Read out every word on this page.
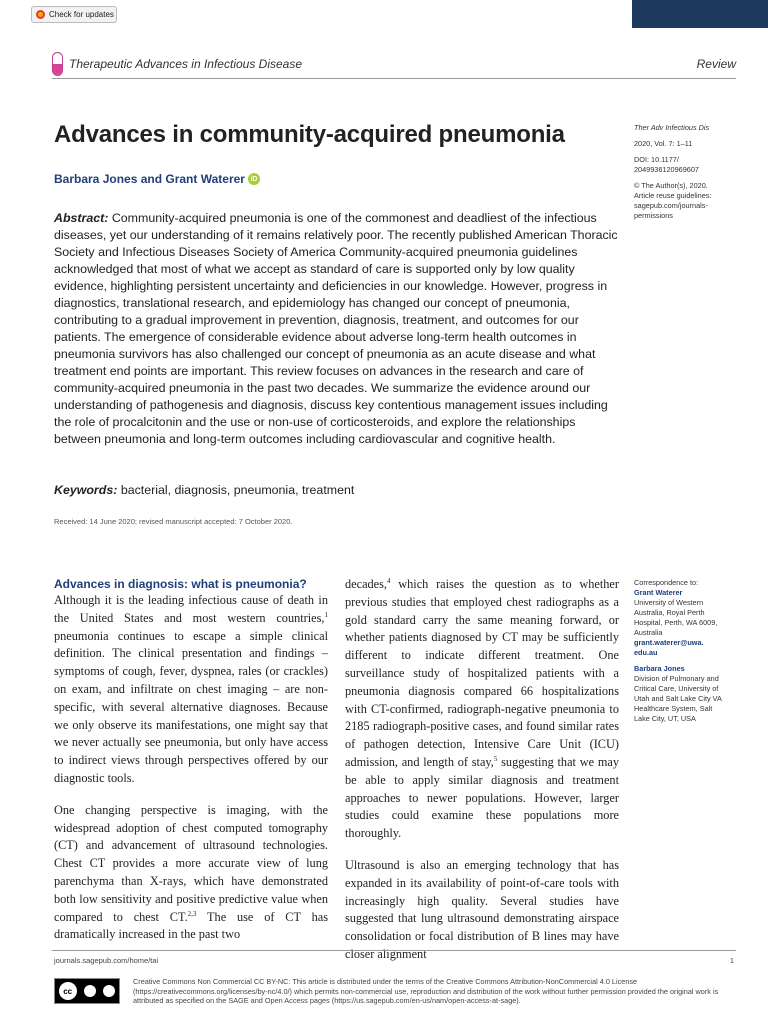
Check for updates
Therapeutic Advances in Infectious Disease	Review
Advances in community-acquired pneumonia
Barbara Jones and Grant Waterer iD

Ther Adv Infectious Dis

2020, Vol. 7: 1–11

DOI: 10.1177/
2049936120969607

© The Author(s), 2020.
Article reuse guidelines:
sagepub.com/journals-
permissions

Abstract: Community-acquired pneumonia is one of the commonest and deadliest of the infectious diseases, yet our understanding of it remains relatively poor. The recently published American Thoracic Society and Infectious Diseases Society of America Community-acquired pneumonia guidelines acknowledged that most of what we accept as standard of care is supported only by low quality evidence, highlighting persistent uncertainty and deficiencies in our knowledge. However, progress in diagnostics, translational research, and epidemiology has changed our concept of pneumonia, contributing to a gradual improvement in prevention, diagnosis, treatment, and outcomes for our patients. The emergence of considerable evidence about adverse long-term health outcomes in pneumonia survivors has also challenged our concept of pneumonia as an acute disease and what treatment end points are important. This review focuses on advances in the research and care of community-acquired pneumonia in the past two decades. We summarize the evidence around our understanding of pathogenesis and diagnosis, discuss key contentious management issues including the role of procalcitonin and the use or non-use of corticosteroids, and explore the relationships between pneumonia and long-term outcomes including cardiovascular and cognitive health.

Keywords: bacterial, diagnosis, pneumonia, treatment
Received: 14 June 2020; revised manuscript accepted: 7 October 2020.
Advances in diagnosis: what is pneumonia?

Although it is the leading infectious cause of death in the United States and most western countries,$^1$ pneumonia continues to escape a simple clinical definition. The clinical presentation and findings – symptoms of cough, fever, dyspnea, rales (or crackles) on exam, and infiltrate on chest imaging – are non-specific, with several alternative diagnoses. Because we only observe its manifestations, one might say that we never actually see pneumonia, but only have access to indirect views through perspectives offered by our diagnostic tools.

One changing perspective is imaging, with the widespread adoption of chest computed tomography (CT) and advancement of ultrasound technologies. Chest CT provides a more accurate view of lung parenchyma than X-rays, which have demonstrated both low sensitivity and positive predictive value when compared to chest CT.$^{2,3}$ The use of CT has dramatically increased in the past two

decades,$^4$ which raises the question as to whether previous studies that employed chest radiographs as a gold standard carry the same meaning forward, or whether patients diagnosed by CT may be sufficiently different to indicate different treatment. One surveillance study of hospitalized patients with a pneumonia diagnosis compared 66 hospitalizations with CT-confirmed, radiograph-negative pneumonia to 2185 radiograph-positive cases, and found similar rates of pathogen detection, Intensive Care Unit (ICU) admission, and length of stay,$^5$ suggesting that we may be able to apply similar diagnosis and treatment approaches to newer populations. However, larger studies could examine these populations more thoroughly.

Ultrasound is also an emerging technology that has expanded in its availability of point-of-care tools with increasingly high quality. Several studies have suggested that lung ultrasound demonstrating airspace consolidation or focal distribution of B lines may have closer alignment

Correspondence to:

Grant Waterer

University of Western

Australia, Royal Perth

Hospital, Perth, WA 6009,

Australia

grant.waterer@uwa.

edu.au

Barbara Jones

Division of Pulmonary and

Critical Care, University of

Utah and Salt Lake City VA

Healthcare System, Salt

Lake City, UT, USA

journals.sagepub.com/home/tai	1
cc

Creative Commons Non Commercial CC BY-NC: This article is distributed under the terms of the Creative Commons Attribution-NonCommercial 4.0 License (https://creativecommons.org/licenses/by-nc/4.0/) which permits non-commercial use, reproduction and distribution of the work without further permission provided the original work is attributed as specified on the SAGE and Open Access pages (https://us.sagepub.com/en-us/nam/open-access-at-sage).
